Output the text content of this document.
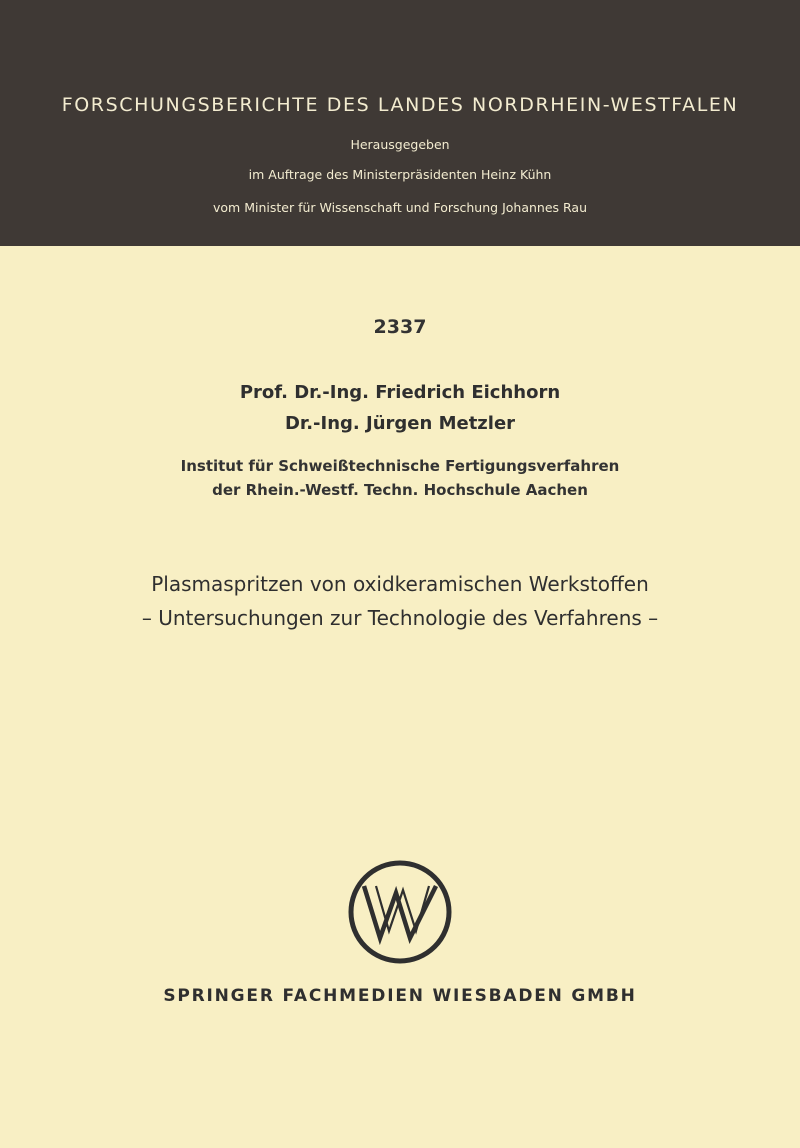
FORSCHUNGSBERICHTE DES LANDES NORDRHEIN-WESTFALEN
Herausgegeben
im Auftrage des Ministerpräsidenten Heinz Kühn
vom Minister für Wissenschaft und Forschung Johannes Rau
2337
Prof. Dr.-Ing. Friedrich Eichhorn
Dr.-Ing. Jürgen Metzler
Institut für Schweißtechnische Fertigungsverfahren
der Rhein.-Westf. Techn. Hochschule Aachen
Plasmaspritzen von oxidkeramischen Werkstoffen
– Untersuchungen zur Technologie des Verfahrens –
SPRINGER FACHMEDIEN WIESBADEN GMBH
